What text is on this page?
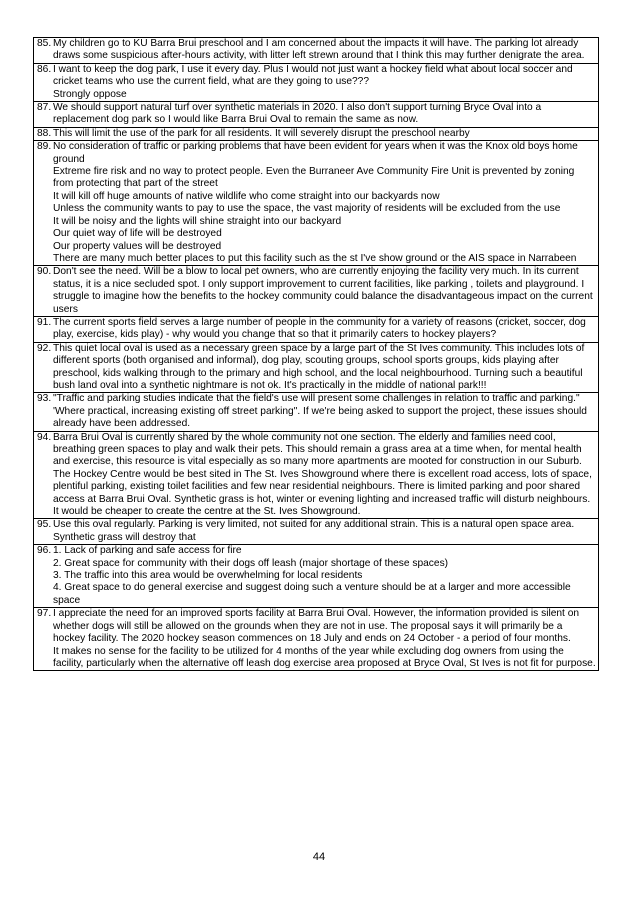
85. My children go to KU Barra Brui preschool and I am concerned about the impacts it will have. The parking lot already draws some suspicious after-hours activity, with litter left strewn around that I think this may further denigrate the area.

86. I want to keep the dog park, I use it every day. Plus I would not just want a hockey field what about local soccer and cricket teams who use the current field, what are they going to use???
Strongly oppose

87. We should support natural turf over synthetic materials in 2020. I also don't support turning Bryce Oval into a replacement dog park so I would like Barra Brui Oval to remain the same as now.

88. This will limit the use of the park for all residents. It will severely disrupt the preschool nearby

89. No consideration of traffic or parking problems that have been evident for years when it was the Knox old boys home ground
Extreme fire risk and no way to protect people. Even the Burraneer Ave Community Fire Unit is prevented by zoning from protecting that part of the street
It will kill off huge amounts of native wildlife who come straight into our backyards now
Unless the community wants to pay to use the space, the vast majority of residents will be excluded from the use
It will be noisy and the lights will shine straight into our backyard
Our quiet way of life will be destroyed
Our property values will be destroyed
There are many much better places to put this facility such as the st I've show ground or the AIS space in Narrabeen

90. Don't see the need. Will be a blow to local pet owners, who are currently enjoying the facility very much. In its current status, it is a nice secluded spot. I only support improvement to current facilities, like parking , toilets and playground. I struggle to imagine how the benefits to the hockey community could balance the disadvantageous impact on the current users

91. The current sports field serves a large number of people in the community for a variety of reasons (cricket, soccer, dog play, exercise, kids play) - why would you change that so that it primarily caters to hockey players?

92. This quiet local oval is used as a necessary green space by a large part of the St Ives community. This includes lots of different sports (both organised and informal), dog play, scouting groups, school sports groups, kids playing after preschool, kids walking through to the primary and high school, and the local neighbourhood. Turning such a beautiful bush land oval into a synthetic nightmare is not ok. It's practically in the middle of national park!!!

93. "Traffic and parking studies indicate that the field's use will present some challenges in relation to traffic and parking." 'Where practical, increasing existing off street parking". If we're being asked to support the project, these issues should already have been addressed.

94. Barra Brui Oval is currently shared by the whole community not one section. The elderly and families need cool, breathing green spaces to play and walk their pets. This should remain a grass area at a time when, for mental health and exercise, this resource is vital especially as so many more apartments are mooted for construction in our Suburb. The Hockey Centre would be best sited in The St. Ives Showground where there is excellent road access, lots of space, plentiful parking, existing toilet facilities and few near residential neighbours. There is limited parking and poor shared access at Barra Brui Oval. Synthetic grass is hot, winter or evening lighting and increased traffic will disturb neighbours. It would be cheaper to create the centre at the St. Ives Showground.

95. Use this oval regularly. Parking is very limited, not suited for any additional strain. This is a natural open space area. Synthetic grass will destroy that

96. 1. Lack of parking and safe access for fire
2. Great space for community with their dogs off leash (major shortage of these spaces)
3. The traffic into this area would be overwhelming for local residents
4. Great space to do general exercise and suggest doing such a venture should be at a larger and more accessible space

97. I appreciate the need for an improved sports facility at Barra Brui Oval. However, the information provided is silent on whether dogs will still be allowed on the grounds when they are not in use. The proposal says it will primarily be a hockey facility. The 2020 hockey season commences on 18 July and ends on 24 October - a period of four months.
It makes no sense for the facility to be utilized for 4 months of the year while excluding dog owners from using the facility, particularly when the alternative off leash dog exercise area proposed at Bryce Oval, St Ives is not fit for purpose.
44
